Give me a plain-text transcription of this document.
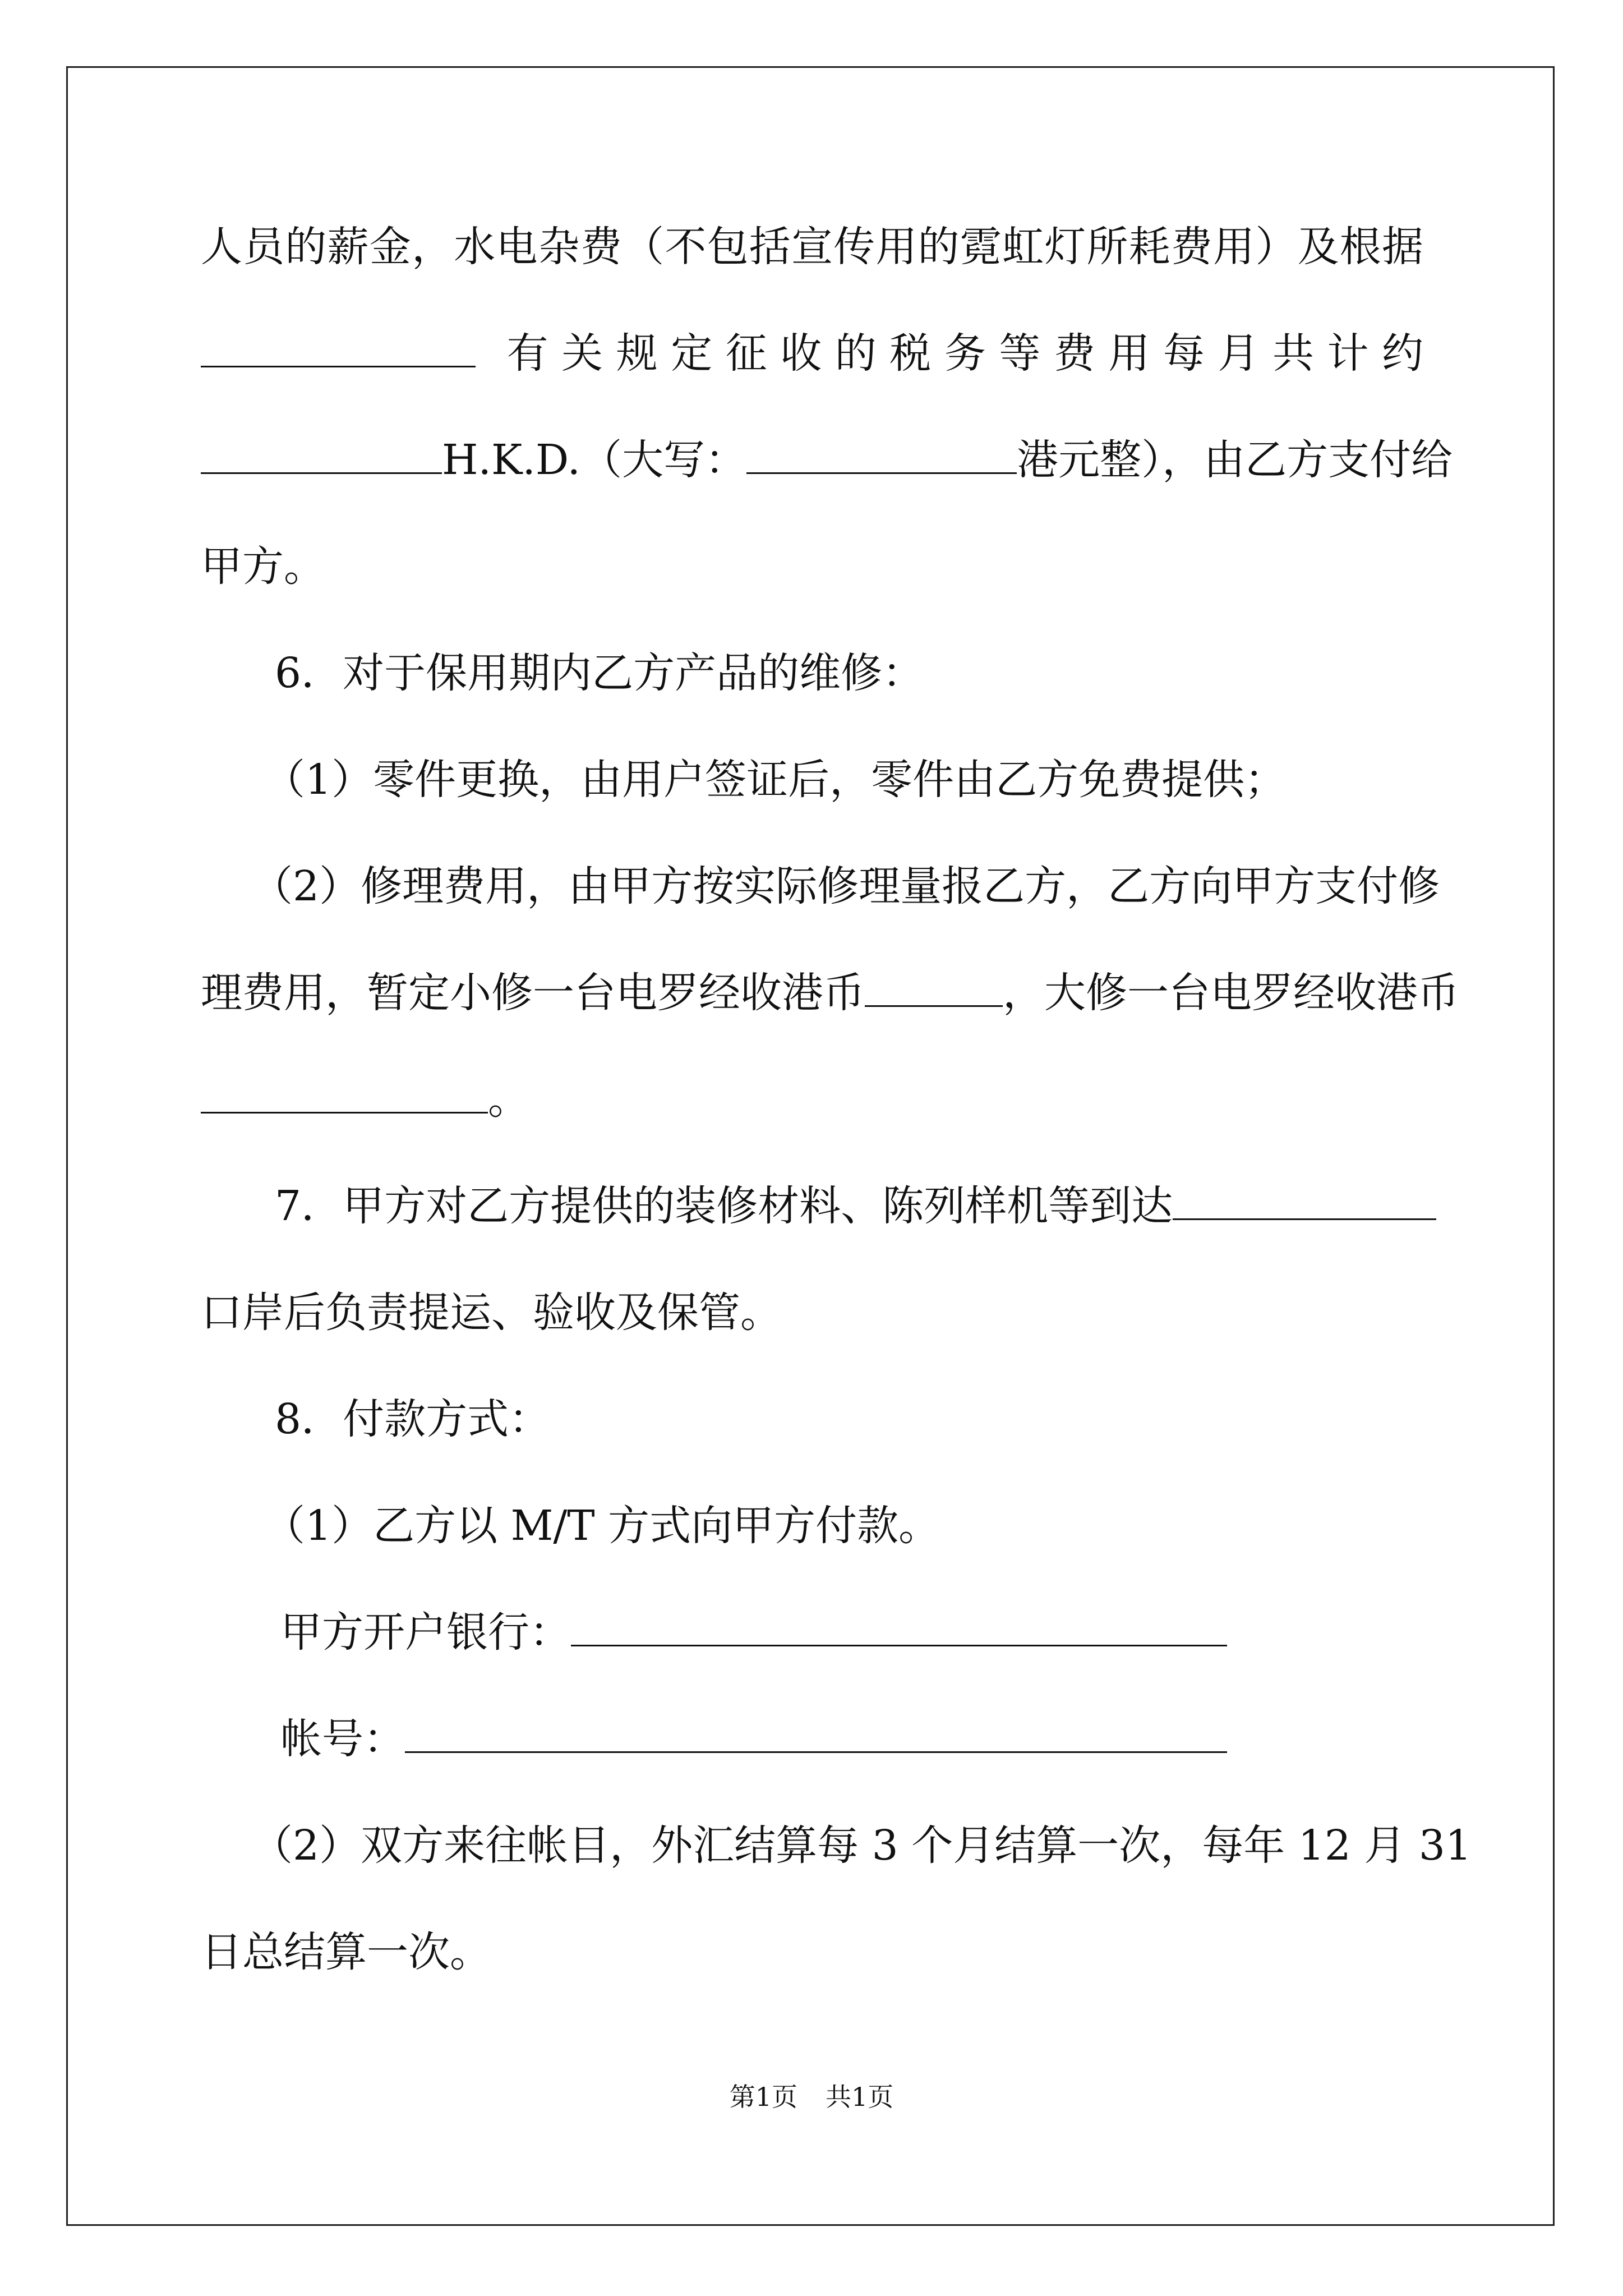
人员的薪金，水电杂费（不包括宣传用的霓虹灯所耗费用）及根据
有 关 规 定 征 收 的 税 务 等 费 用 每 月 共 计 约
H.K.D.（大写：	港元整），由乙方支付给
甲方。
6．对于保用期内乙方产品的维修：
（1）零件更换，由用户签证后，零件由乙方免费提供；
（2）修理费用，由甲方按实际修理量报乙方，乙方向甲方支付修
理费用，暂定小修一台电罗经收港币	，大修一台电罗经收港币
。
7．甲方对乙方提供的装修材料、陈列样机等到达
口岸后负责提运、验收及保管。
8．付款方式：
（1）乙方以 M/T 方式向甲方付款。
甲方开户银行：
帐号：
（2）双方来往帐目，外汇结算每 3 个月结算一次，每年 12 月 31
日总结算一次。
第1页 共1页
